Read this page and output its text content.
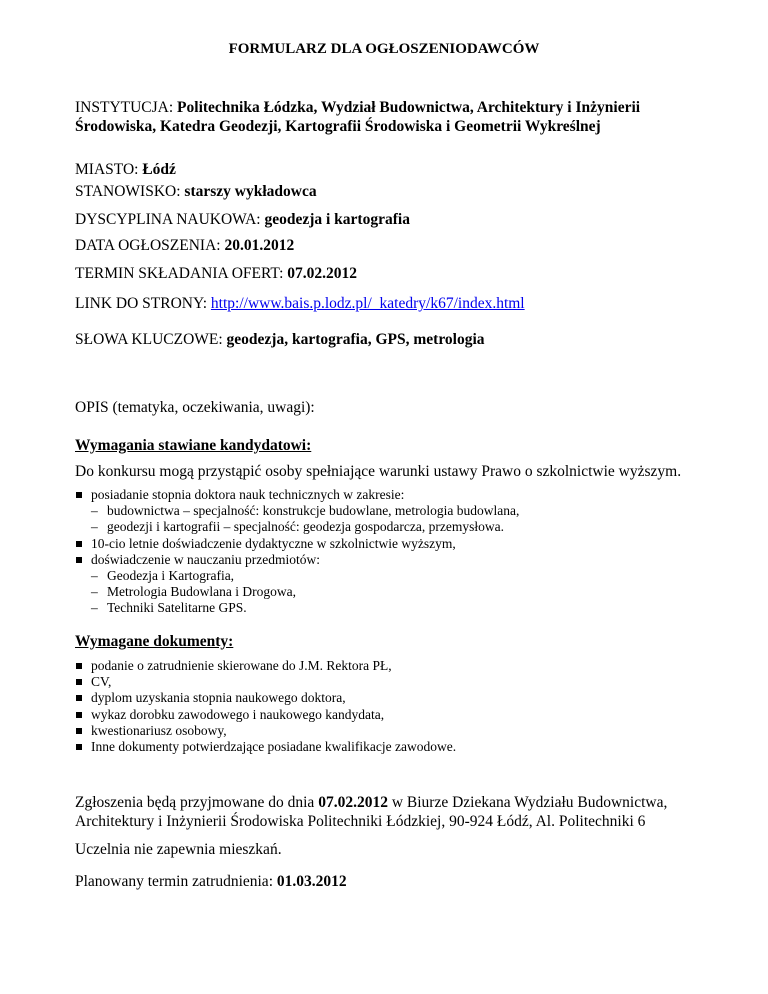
FORMULARZ DLA OGŁOSZENIODAWCÓW
INSTYTUCJA: Politechnika Łódzka, Wydział Budownictwa, Architektury i Inżynierii Środowiska, Katedra Geodezji, Kartografii Środowiska i Geometrii Wykreślnej
MIASTO: Łódź
STANOWISKO: starszy wykładowca
DYSCYPLINA NAUKOWA: geodezja i kartografia
DATA OGŁOSZENIA: 20.01.2012
TERMIN SKŁADANIA OFERT: 07.02.2012
LINK DO STRONY: http://www.bais.p.lodz.pl/_katedry/k67/index.html
SŁOWA KLUCZOWE: geodezja, kartografia, GPS, metrologia
OPIS (tematyka, oczekiwania, uwagi):
Wymagania stawiane kandydatowi:
Do konkursu mogą przystąpić osoby spełniające warunki ustawy Prawo o szkolnictwie wyższym.
posiadanie stopnia doktora nauk technicznych w zakresie:
– budownictwa – specjalność: konstrukcje budowlane, metrologia budowlana,
– geodezji i kartografii – specjalność: geodezja gospodarcza, przemysłowa.
10-cio letnie doświadczenie dydaktyczne w szkolnictwie wyższym,
doświadczenie w nauczaniu przedmiotów:
– Geodezja i Kartografia,
– Metrologia Budowlana i Drogowa,
– Techniki Satelitarne GPS.
Wymagane dokumenty:
podanie o zatrudnienie skierowane do J.M. Rektora PŁ,
CV,
dyplom uzyskania stopnia naukowego doktora,
wykaz dorobku zawodowego i naukowego kandydata,
kwestionariusz osobowy,
Inne dokumenty potwierdzające posiadane kwalifikacje zawodowe.
Zgłoszenia będą przyjmowane do dnia 07.02.2012 w Biurze Dziekana Wydziału Budownictwa, Architektury i Inżynierii Środowiska Politechniki Łódzkiej, 90-924 Łódź, Al. Politechniki 6
Uczelnia nie zapewnia mieszkań.
Planowany termin zatrudnienia: 01.03.2012
